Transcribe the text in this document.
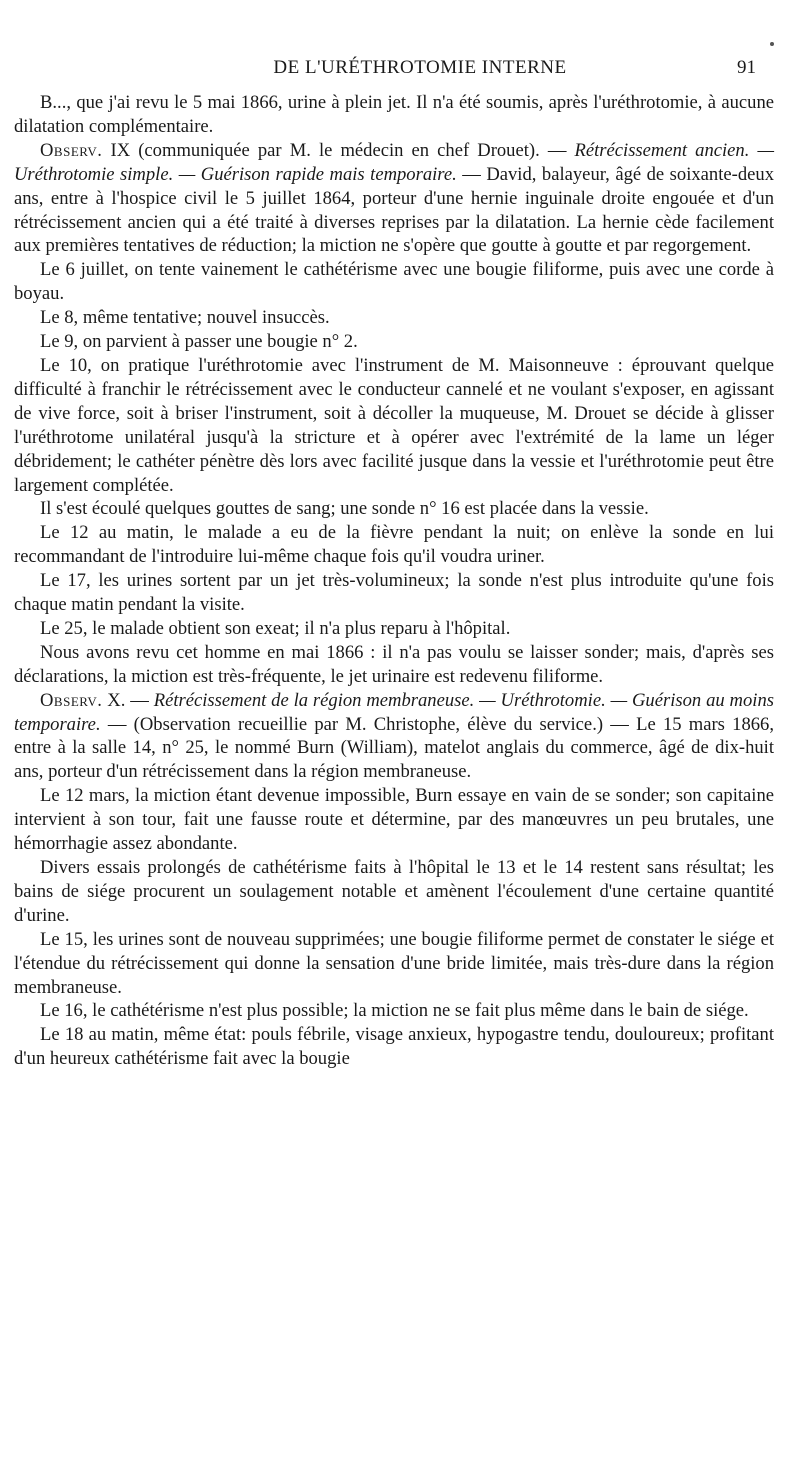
DE L'URÉTHROTOMIE INTERNE	91

B..., que j'ai revu le 5 mai 1866, urine à plein jet. Il n'a été soumis, après l'uréthrotomie, à aucune dilatation complémentaire.

Observ. IX (communiquée par M. le médecin en chef Drouet). — Rétrécissement ancien. — Uréthrotomie simple. — Guérison rapide mais temporaire. — David, balayeur, âgé de soixante-deux ans, entre à l'hospice civil le 5 juillet 1864, porteur d'une hernie inguinale droite engouée et d'un rétrécissement ancien qui a été traité à diverses reprises par la dilatation. La hernie cède facilement aux premières tentatives de réduction; la miction ne s'opère que goutte à goutte et par regorgement.

Le 6 juillet, on tente vainement le cathétérisme avec une bougie filiforme, puis avec une corde à boyau.

Le 8, même tentative; nouvel insuccès.

Le 9, on parvient à passer une bougie n° 2.

Le 10, on pratique l'uréthrotomie avec l'instrument de M. Maisonneuve : éprouvant quelque difficulté à franchir le rétrécissement avec le conducteur cannelé et ne voulant s'exposer, en agissant de vive force, soit à briser l'instrument, soit à décoller la muqueuse, M. Drouet se décide à glisser l'uréthrotome unilatéral jusqu'à la stricture et à opérer avec l'extrémité de la lame un léger débridement; le cathéter pénètre dès lors avec facilité jusque dans la vessie et l'uréthrotomie peut être largement complétée.

Il s'est écoulé quelques gouttes de sang; une sonde n° 16 est placée dans la vessie.

Le 12 au matin, le malade a eu de la fièvre pendant la nuit; on enlève la sonde en lui recommandant de l'introduire lui-même chaque fois qu'il voudra uriner.

Le 17, les urines sortent par un jet très-volumineux; la sonde n'est plus introduite qu'une fois chaque matin pendant la visite.

Le 25, le malade obtient son exeat; il n'a plus reparu à l'hôpital.

Nous avons revu cet homme en mai 1866 : il n'a pas voulu se laisser sonder; mais, d'après ses déclarations, la miction est très-fréquente, le jet urinaire est redevenu filiforme.

Observ. X. — Rétrécissement de la région membraneuse. — Uréthrotomie. — Guérison au moins temporaire. — (Observation recueillie par M. Christophe, élève du service.) — Le 15 mars 1866, entre à la salle 14, n° 25, le nommé Burn (William), matelot anglais du commerce, âgé de dix-huit ans, porteur d'un rétrécissement dans la région membraneuse.

Le 12 mars, la miction étant devenue impossible, Burn essaye en vain de se sonder; son capitaine intervient à son tour, fait une fausse route et détermine, par des manœuvres un peu brutales, une hémorrhagie assez abondante.

Divers essais prolongés de cathétérisme faits à l'hôpital le 13 et le 14 restent sans résultat; les bains de siége procurent un soulagement notable et amènent l'écoulement d'une certaine quantité d'urine.

Le 15, les urines sont de nouveau supprimées; une bougie filiforme permet de constater le siége et l'étendue du rétrécissement qui donne la sensation d'une bride limitée, mais très-dure dans la région membraneuse.

Le 16, le cathétérisme n'est plus possible; la miction ne se fait plus même dans le bain de siége.

Le 18 au matin, même état: pouls fébrile, visage anxieux, hypogastre tendu, douloureux; profitant d'un heureux cathétérisme fait avec la bougie
